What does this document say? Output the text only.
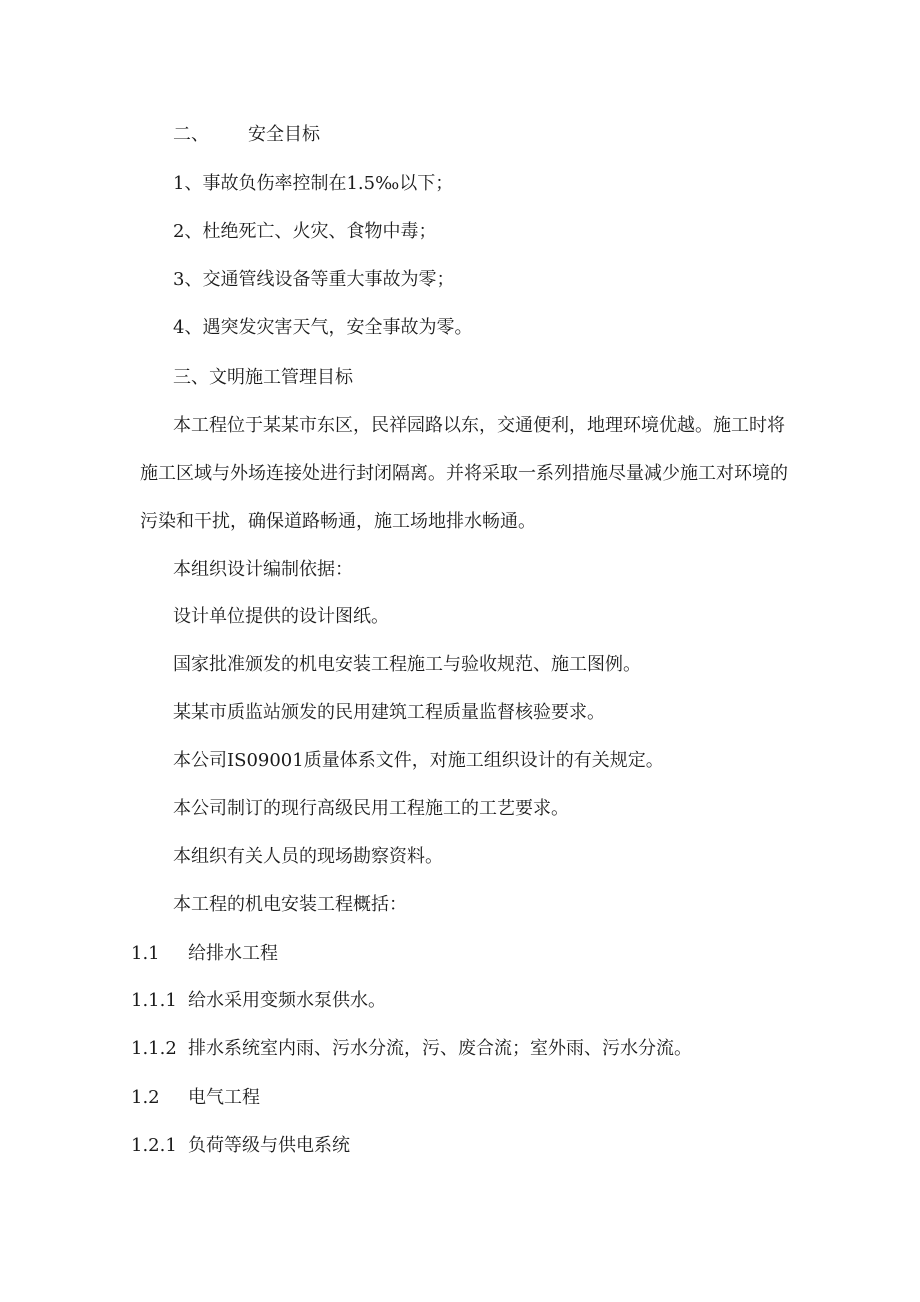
二、 安全目标
1、事故负伤率控制在1.5‰以下；
2、杜绝死亡、火灾、食物中毒；
3、交通管线设备等重大事故为零；
4、遇突发灾害天气，安全事故为零。
三、文明施工管理目标
本工程位于某某市东区，民祥园路以东，交通便利，地理环境优越。施工时将
施工区域与外场连接处进行封闭隔离。并将采取一系列措施尽量减少施工对环境的
污染和干扰，确保道路畅通，施工场地排水畅通。
本组织设计编制依据：
设计单位提供的设计图纸。
国家批准颁发的机电安装工程施工与验收规范、施工图例。
某某市质监站颁发的民用建筑工程质量监督核验要求。
本公司IS09001质量体系文件，对施工组织设计的有关规定。
本公司制订的现行高级民用工程施工的工艺要求。
本组织有关人员的现场勘察资料。
本工程的机电安装工程概括：
1.1 给排水工程
1.1.1 给水采用变频水泵供水。
1.1.2 排水系统室内雨、污水分流，污、废合流；室外雨、污水分流。
1.2 电气工程
1.2.1 负荷等级与供电系统
